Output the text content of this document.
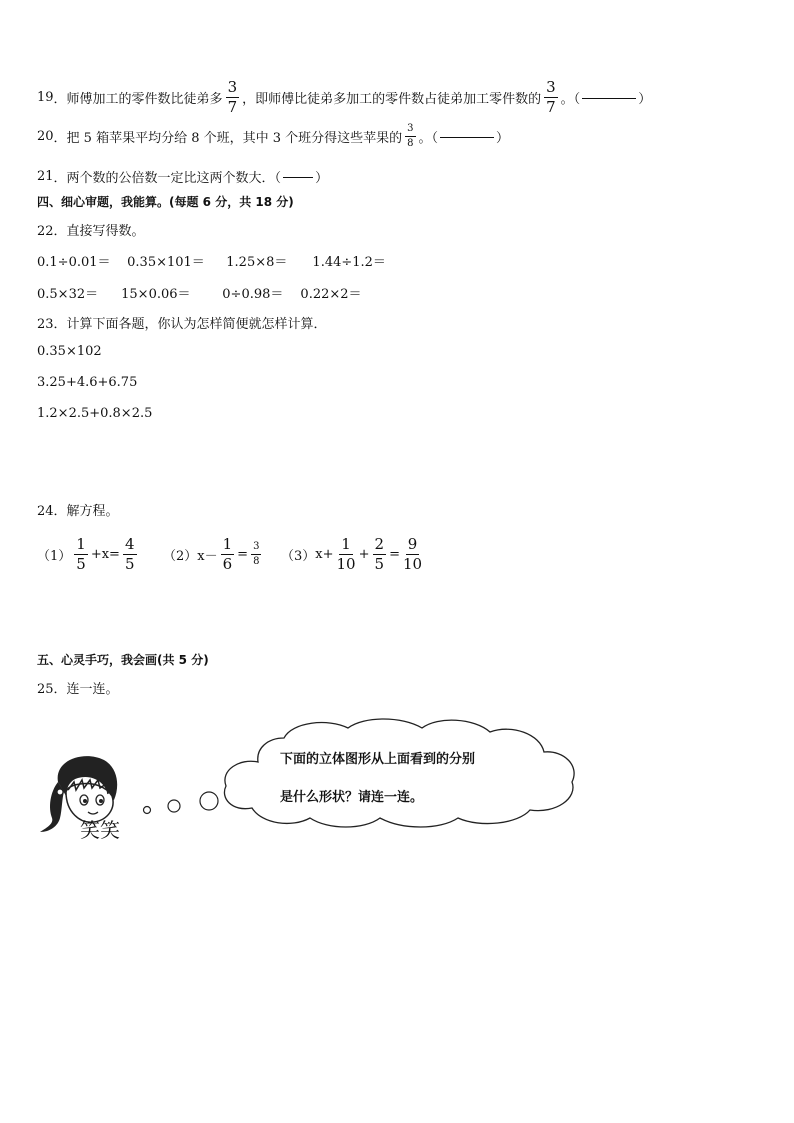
19 ．师傅加工的零件数比徒弟多 $\frac{3}{7}$ ，即师傅比徒弟多加工的零件数占徒弟加工零件数的 $\frac{3}{7}$ 。（	）
20 ．把 5 箱苹果平均分给 8 个班，其中 3 个班分得这些苹果的 $\frac{3}{8}$ 。（	）
21 ．两个数的公倍数一定比这两个数大．（	）
四、细心审题，我能算。(每题 6 分，共 18 分)
22．直接写得数。
0.1÷0.01＝ 0.35×101＝ 1.25×8＝ 1.44÷1.2＝
0.5×32＝ 15×0.06＝ 0÷0.98＝ 0.22×2＝
23．计算下面各题，你认为怎样简便就怎样计算．
0.35×102
3.25+4.6+6.75
1.2×2.5+0.8×2.5
24．解方程。
$(1) \frac{1}{5} +x= \frac{4}{5} (2)$ $x- \frac{1}{6} = \frac{3}{8} (3)$ $x+ \frac{1}{10} + \frac{2}{5} = \frac{9}{10}$
五、心灵手巧，我会画(共 5 分)
25．连一连。
笑笑
下面的立体图形从上面看到的分别
是什么形状？请连一连。
